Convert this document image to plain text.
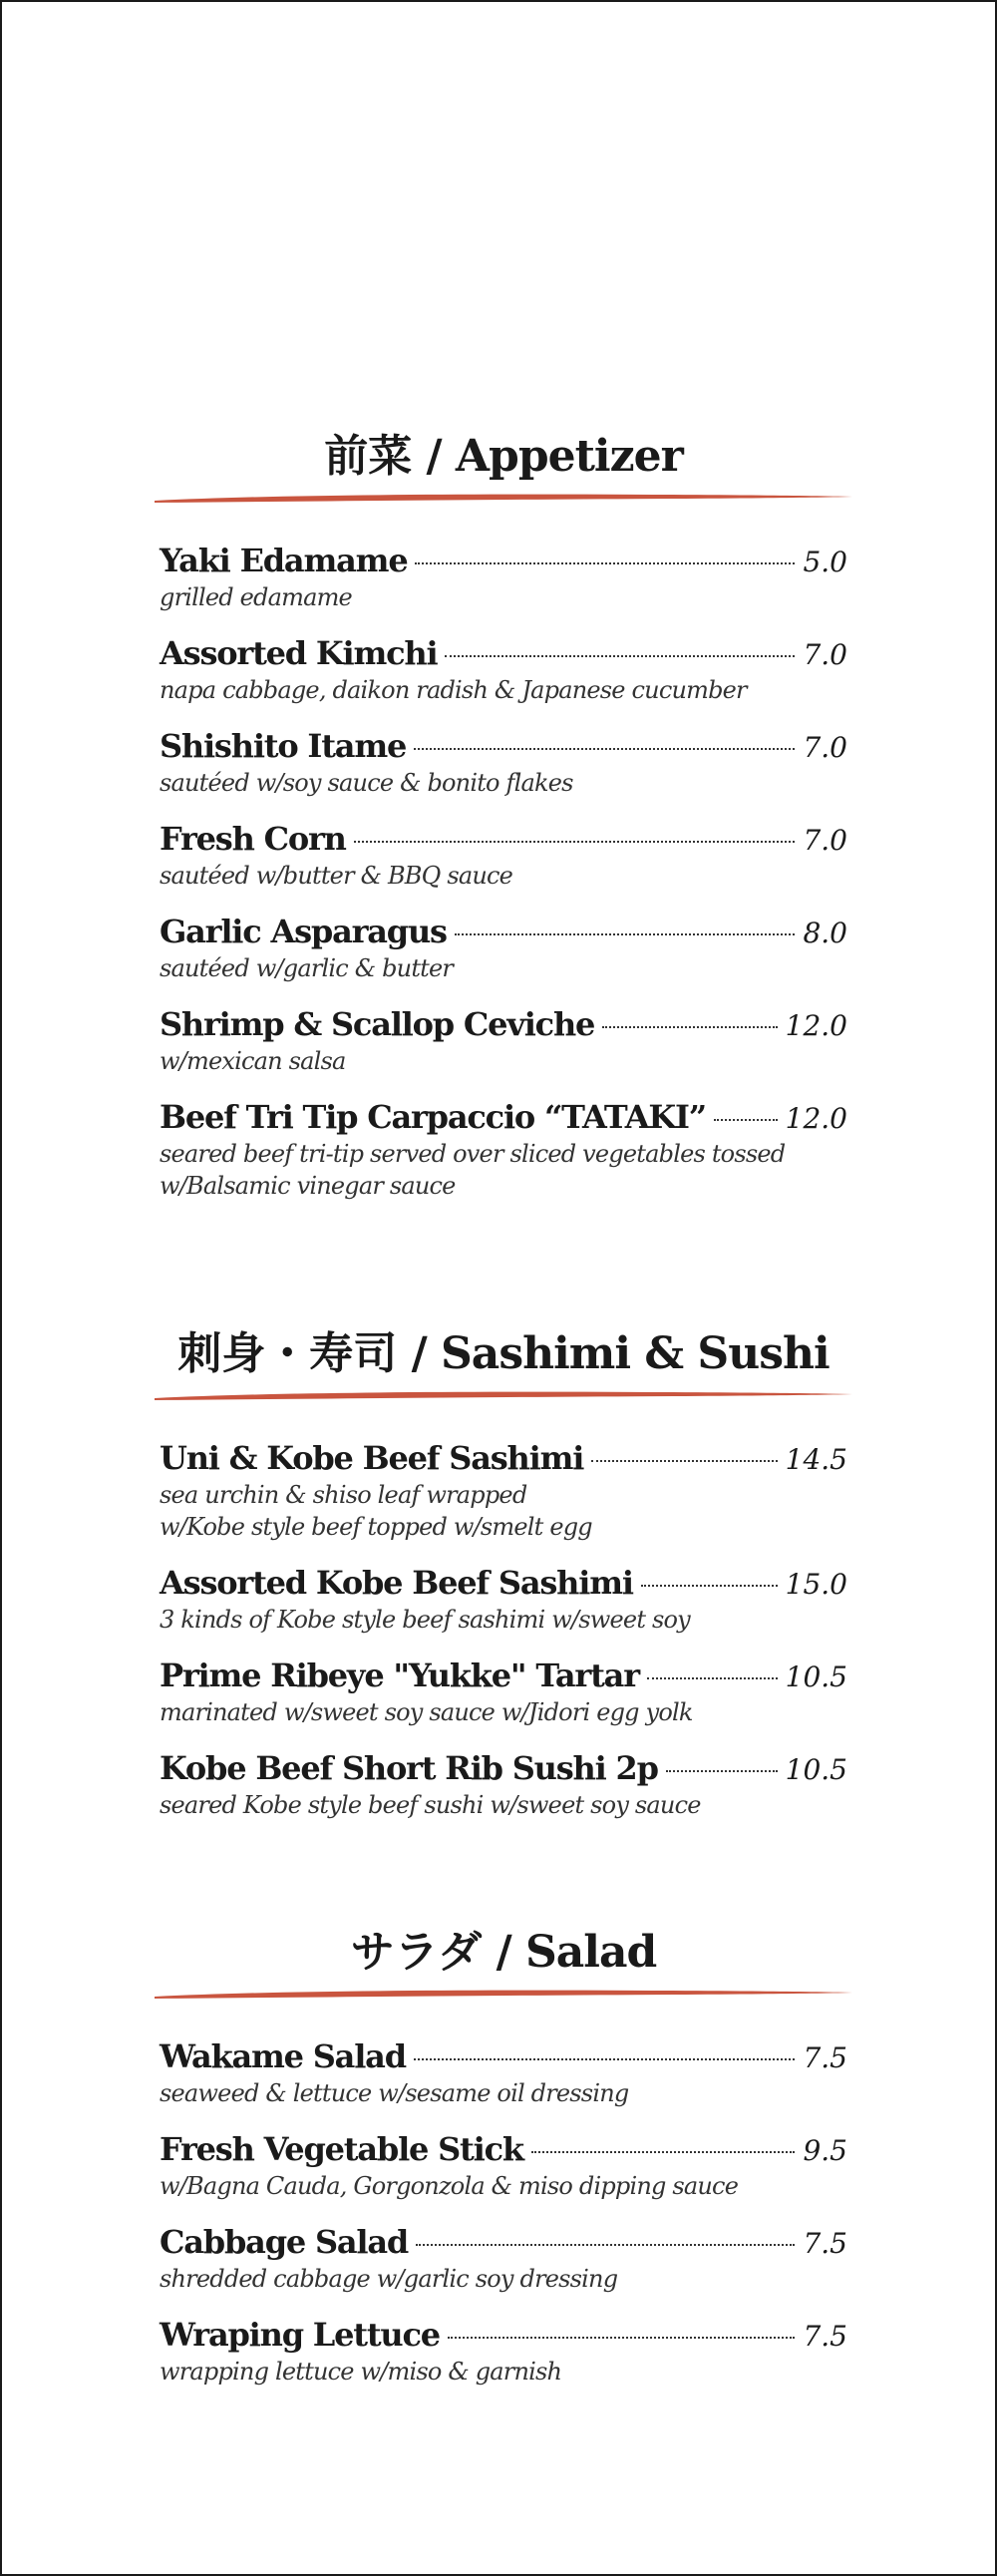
前菜 / Appetizer
Yaki Edamame	5.0
grilled edamame
Assorted Kimchi	7.0
napa cabbage, daikon radish & Japanese cucumber
Shishito Itame	7.0
sautéed w/soy sauce & bonito flakes
Fresh Corn	7.0
sautéed w/butter & BBQ sauce
Garlic Asparagus	8.0
sautéed w/garlic & butter
Shrimp & Scallop Ceviche	12.0
w/mexican salsa
Beef Tri Tip Carpaccio “TATAKI”	12.0
seared beef tri-tip served over sliced vegetables tossed
w/Balsamic vinegar sauce
刺身・寿司 / Sashimi & Sushi
Uni & Kobe Beef Sashimi	14.5
sea urchin & shiso leaf wrapped
w/Kobe style beef topped w/smelt egg
Assorted Kobe Beef Sashimi	15.0
3 kinds of Kobe style beef sashimi w/sweet soy
Prime Ribeye "Yukke" Tartar	10.5
marinated w/sweet soy sauce w/Jidori egg yolk
Kobe Beef Short Rib Sushi 2p	10.5
seared Kobe style beef sushi w/sweet soy sauce
サラダ / Salad
Wakame Salad	7.5
seaweed & lettuce w/sesame oil dressing
Fresh Vegetable Stick	9.5
w/Bagna Cauda, Gorgonzola & miso dipping sauce
Cabbage Salad	7.5
shredded cabbage w/garlic soy dressing
Wraping Lettuce	7.5
wrapping lettuce w/miso & garnish
